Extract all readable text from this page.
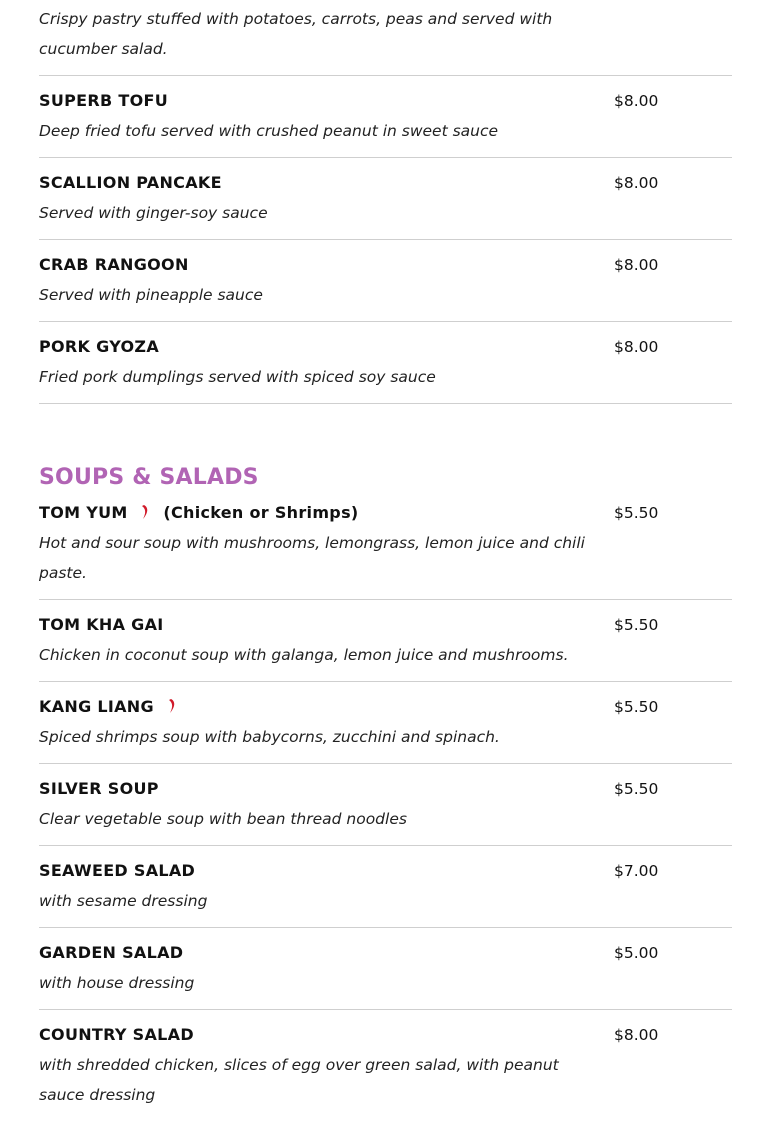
Crispy pastry stuffed with potatoes, carrots, peas and served with cucumber salad.
SUPERB TOFU	$8.00
Deep fried tofu served with crushed peanut in sweet sauce
SCALLION PANCAKE	$8.00
Served with ginger-soy sauce
CRAB RANGOON	$8.00
Served with pineapple sauce
PORK GYOZA	$8.00
Fried pork dumplings served with spiced soy sauce
SOUPS & SALADS
TOM YUM (Chicken or Shrimps)	$5.50
Hot and sour soup with mushrooms, lemongrass, lemon juice and chili paste.
TOM KHA GAI	$5.50
Chicken in coconut soup with galanga, lemon juice and mushrooms.
KANG LIANG	$5.50
Spiced shrimps soup with babycorns, zucchini and spinach.
SILVER SOUP	$5.50
Clear vegetable soup with bean thread noodles
SEAWEED SALAD	$7.00
with sesame dressing
GARDEN SALAD	$5.00
with house dressing
COUNTRY SALAD	$8.00
with shredded chicken, slices of egg over green salad, with peanut sauce dressing
